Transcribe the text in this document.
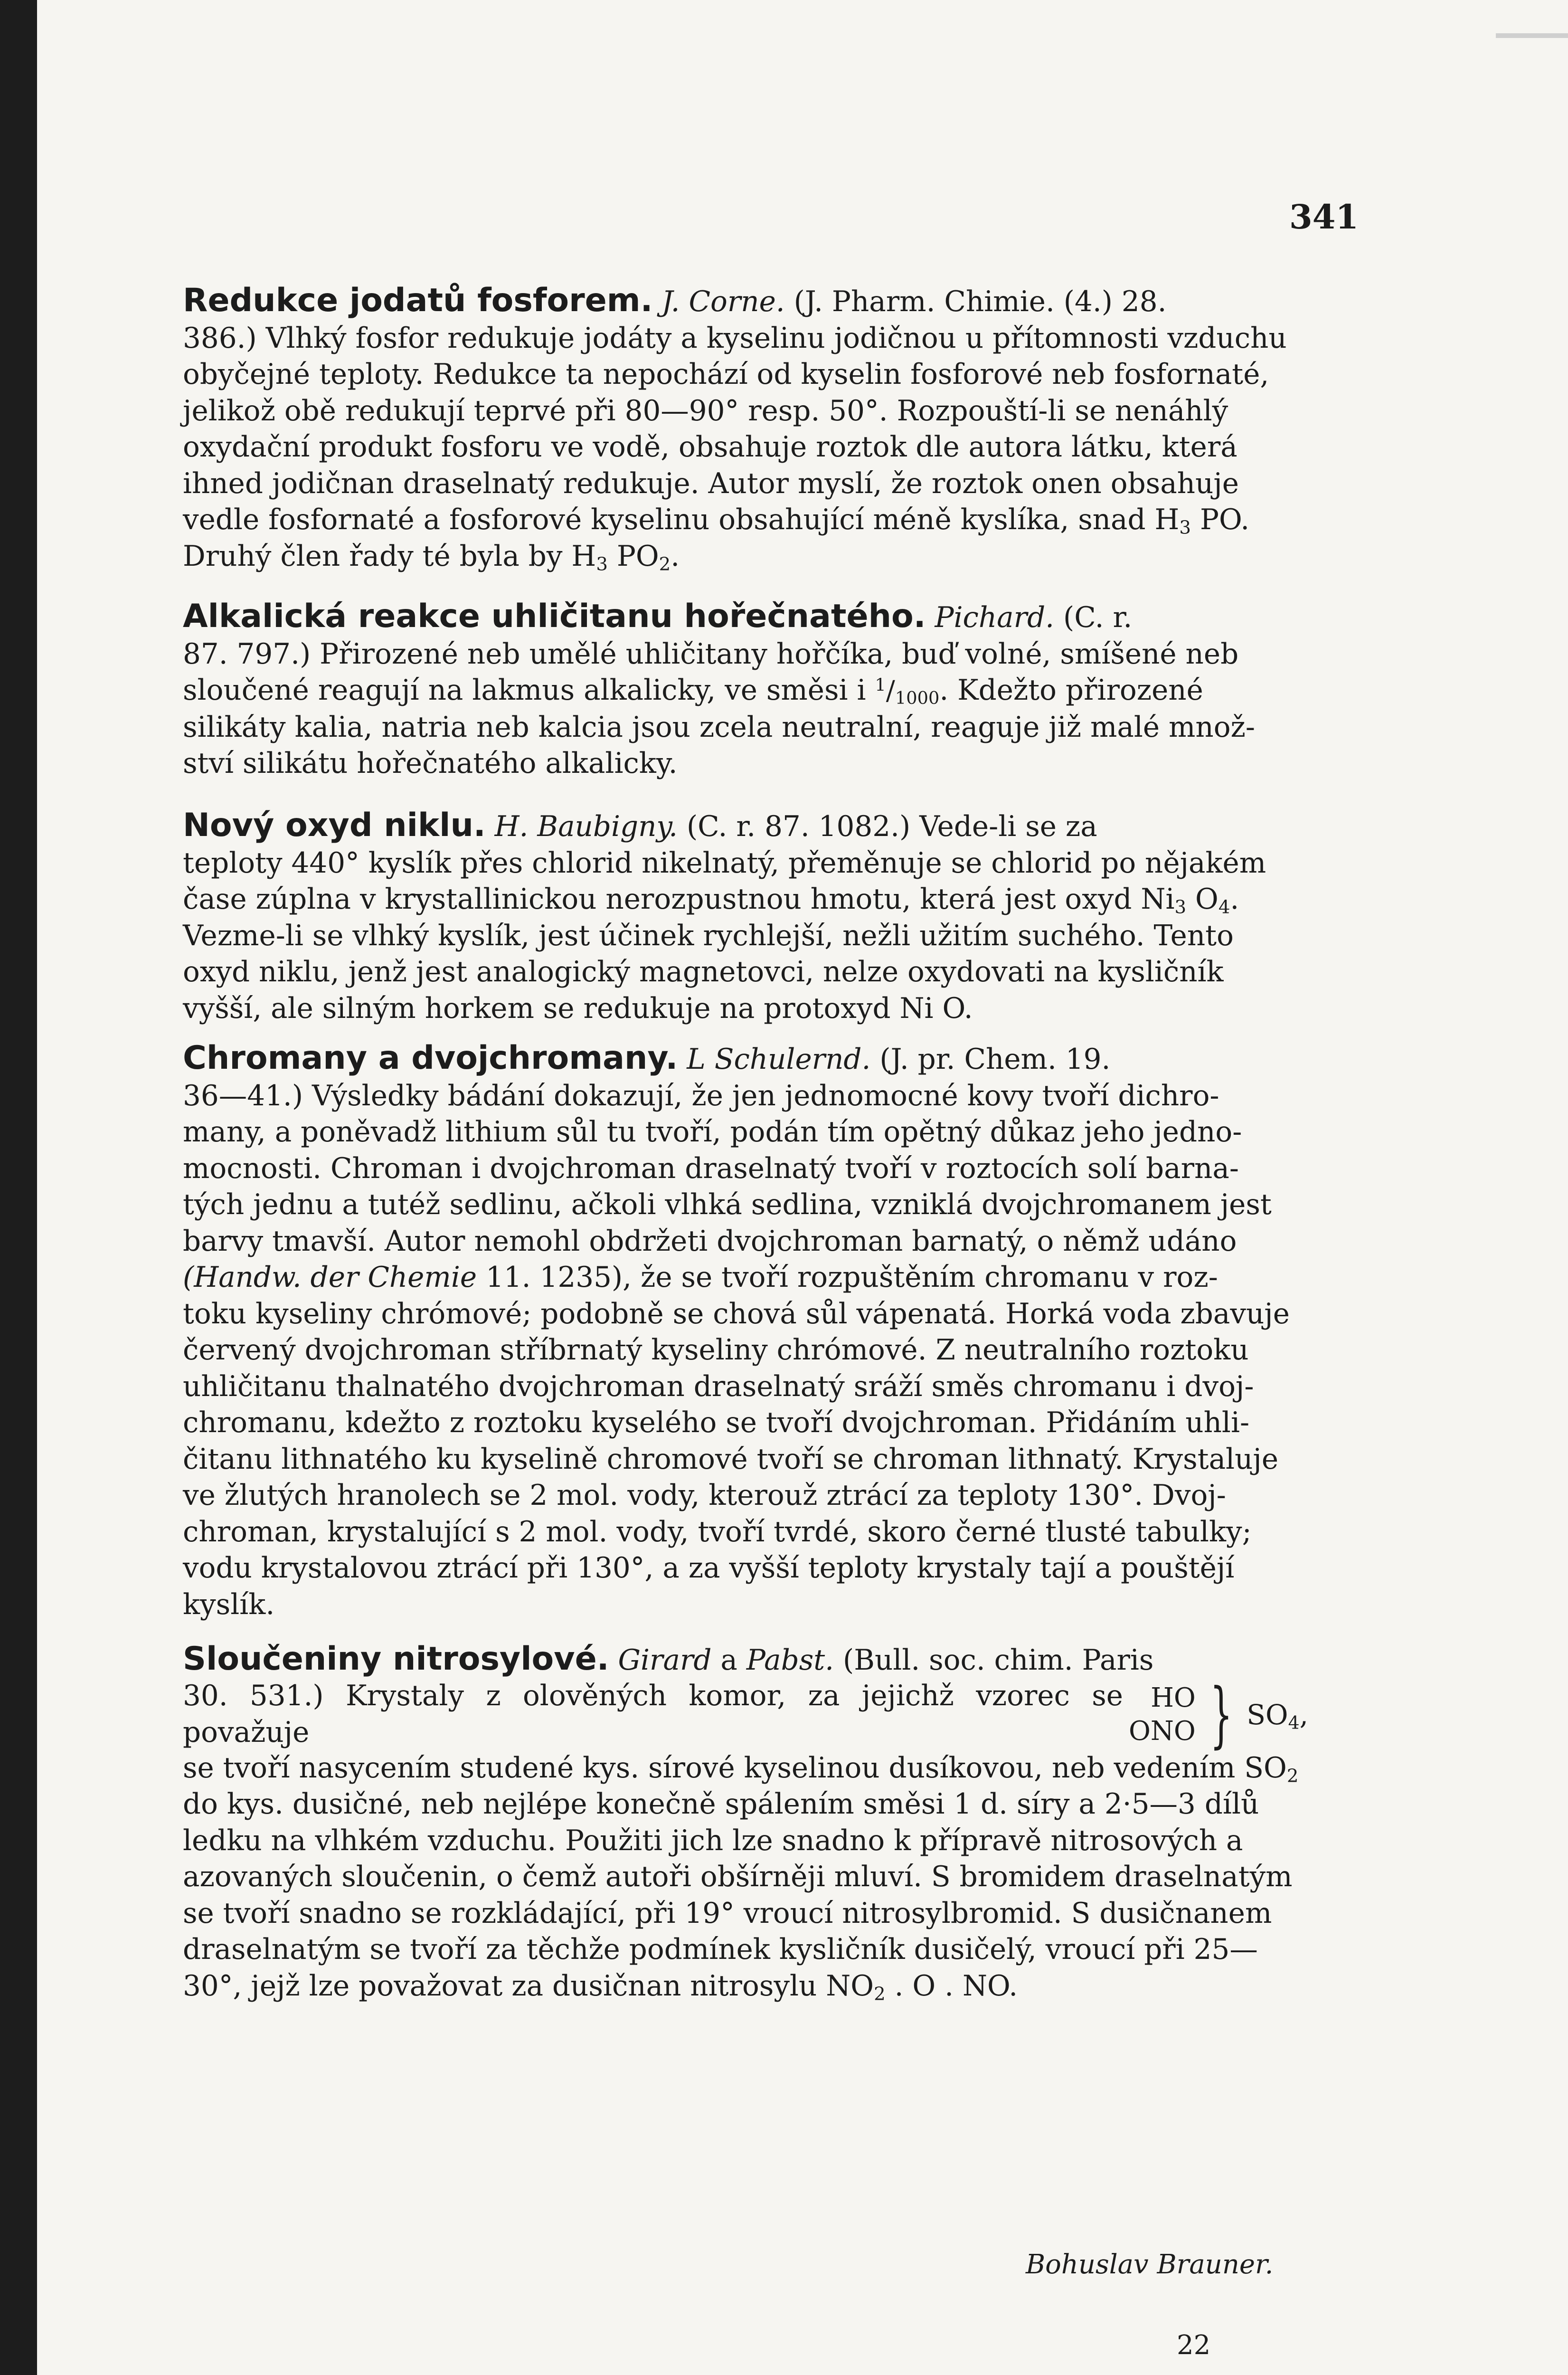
341
Redukce jodatů fosforem. J. Corne. (J. Pharm. Chimie. (4.) 28.
386.) Vlhký fosfor redukuje jodáty a kyselinu jodičnou u přítomnosti vzduchu
obyčejné teploty. Redukce ta nepochází od kyselin fosforové neb fosfornaté,
jelikož obě redukují teprvé při 80—90° resp. 50°. Rozpouští-li se nenáhlý
oxydační produkt fosforu ve vodě, obsahuje roztok dle autora látku, která
ihned jodičnan draselnatý redukuje. Autor myslí, že roztok onen obsahuje
vedle fosfornaté a fosforové kyselinu obsahující méně kyslíka, snad $H_3$ PO.
Druhý člen řady té byla by $H_3$ $PO_2$.
Alkalická reakce uhličitanu hořečnatého. Pichard. (C. r.
87. 797.) Přirozené neb umělé uhličitany hořčíka, buď volné, smíšené neb
sloučené reagují na lakmus alkalicky, ve směsi i $^1/_{1000}$. Kdežto přirozené
silikáty kalia, natria neb kalcia jsou zcela neutralní, reaguje již malé množ-
ství silikátu hořečnatého alkalicky.
Nový oxyd niklu. H. Baubigny. (C. r. 87. 1082.) Vede-li se za
teploty 440° kyslík přes chlorid nikelnatý, přeměnuje se chlorid po nějakém
čase zúplna v krystallinickou nerozpustnou hmotu, která jest oxyd $Ni_3$ $O_4$.
Vezme-li se vlhký kyslík, jest účinek rychlejší, nežli užitím suchého. Tento
oxyd niklu, jenž jest analogický magnetovci, nelze oxydovati na kysličník
vyšší, ale silným horkem se redukuje na protoxyd Ni O.
Chromany a dvojchromany. L Schulernd. (J. pr. Chem. 19.
36—41.) Výsledky bádání dokazují, že jen jednomocné kovy tvoří dichro-
many, a poněvadž lithium sůl tu tvoří, podán tím opětný důkaz jeho jedno-
mocnosti. Chroman i dvojchroman draselnatý tvoří v roztocích solí barna-
tých jednu a tutéž sedlinu, ačkoli vlhká sedlina, vzniklá dvojchromanem jest
barvy tmavší. Autor nemohl obdržeti dvojchroman barnatý, o němž udáno
(Handw. der Chemie 11. 1235), že se tvoří rozpuštěním chromanu v roz-
toku kyseliny chrómové; podobně se chová sůl vápenatá. Horká voda zbavuje
červený dvojchroman stříbrnatý kyseliny chrómové. Z neutralního roztoku
uhličitanu thalnatého dvojchroman draselnatý sráží směs chromanu i dvoj-
chromanu, kdežto z roztoku kyselého se tvoří dvojchroman. Přidáním uhli-
čitanu lithnatého ku kyselině chromové tvoří se chroman lithnatý. Krystaluje
ve žlutých hranolech se 2 mol. vody, kterouž ztrácí za teploty 130°. Dvoj-
chroman, krystalující s 2 mol. vody, tvoří tvrdé, skoro černé tlusté tabulky;
vodu krystalovou ztrácí při 130°, a za vyšší teploty krystaly tají a pouštějí
kyslík.
Sloučeniny nitrosylové. Girard a Pabst. (Bull. soc. chim. Paris
30. 531.) Krystaly z olověných komor, za jejichž vzorec se považuje
HO
ONO } $SO_4$,
se tvoří nasycením studené kys. sírové kyselinou dusíkovou, neb vedením $SO_2$
do kys. dusičné, neb nejlépe konečně spálením směsi 1 d. síry a 2·5—3 dílů
ledku na vlhkém vzduchu. Použiti jich lze snadno k přípravě nitrosových a
azovaných sloučenin, o čemž autoři obšírněji mluví. S bromidem draselnatým
se tvoří snadno se rozkládající, při 19° vroucí nitrosylbromid. S dusičnanem
draselnatým se tvoří za těchže podmínek kysličník dusičelý, vroucí při 25—
30°, jejž lze považovat za dusičnan nitrosylu $NO_2$ . O . NO.
Bohuslav Brauner.
22
